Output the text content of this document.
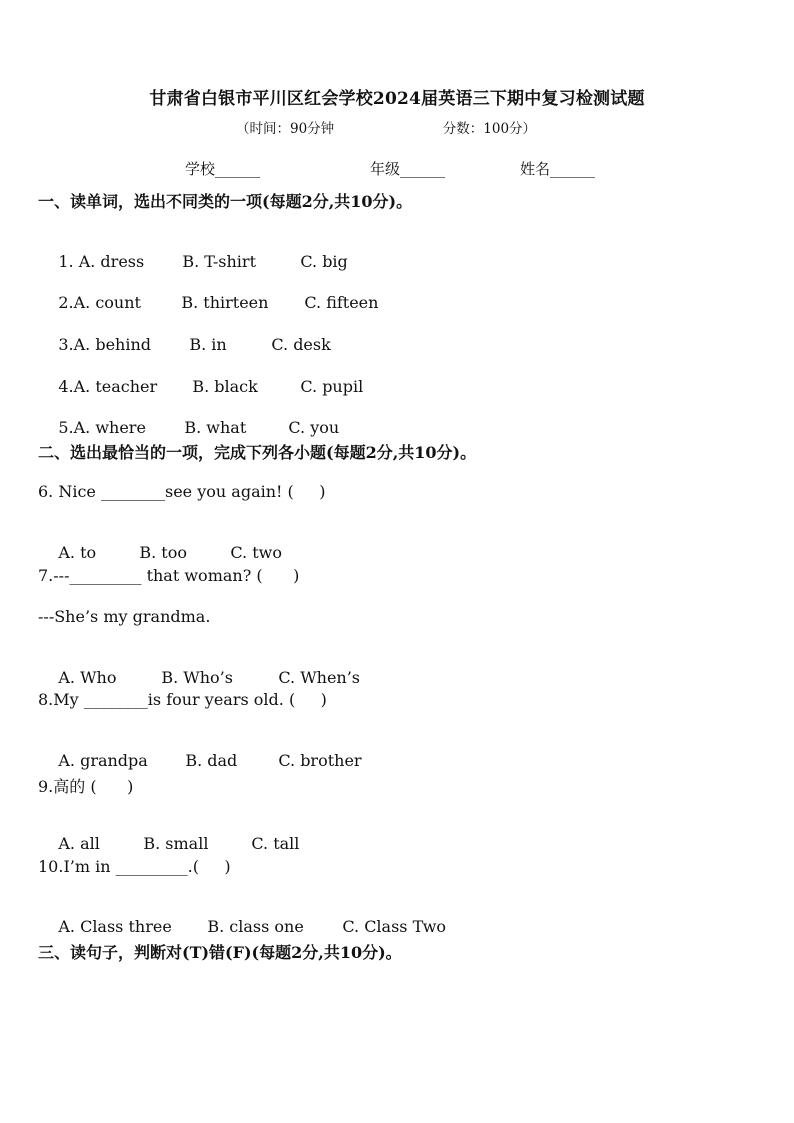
甘肃省白银市平川区红会学校2024届英语三下期中复习检测试题
（时间：90分钟	分数：100分）
学校______	年级______	姓名______
一、读单词，选出不同类的一项(每题2分,共10分)。

1. A. dress B. T-shirt	C. big

2.A. count	B. thirteen C. fifteen

3.A. behind B. in	C. desk

4.A. teacher B. black	C. pupil

5.A. where B. what	C. you

二、选出最恰当的一项，完成下列各小题(每题2分,共10分)。
6. Nice ________see you again! (     )

A. to	B. too	C. two

7.---_________ that woman? (      )
---She’s my grandma.

A. Who	B. Who’s	C. When’s

8.My ________is four years old. (     )

A. grandpa B. dad	C. brother

9.高的 (      )

A. all	B. small	C. tall

10.I’m in _________.(     )

A. Class three B. class one C. Class Two

三、读句子，判断对(T)错(F)(每题2分,共10分)。
